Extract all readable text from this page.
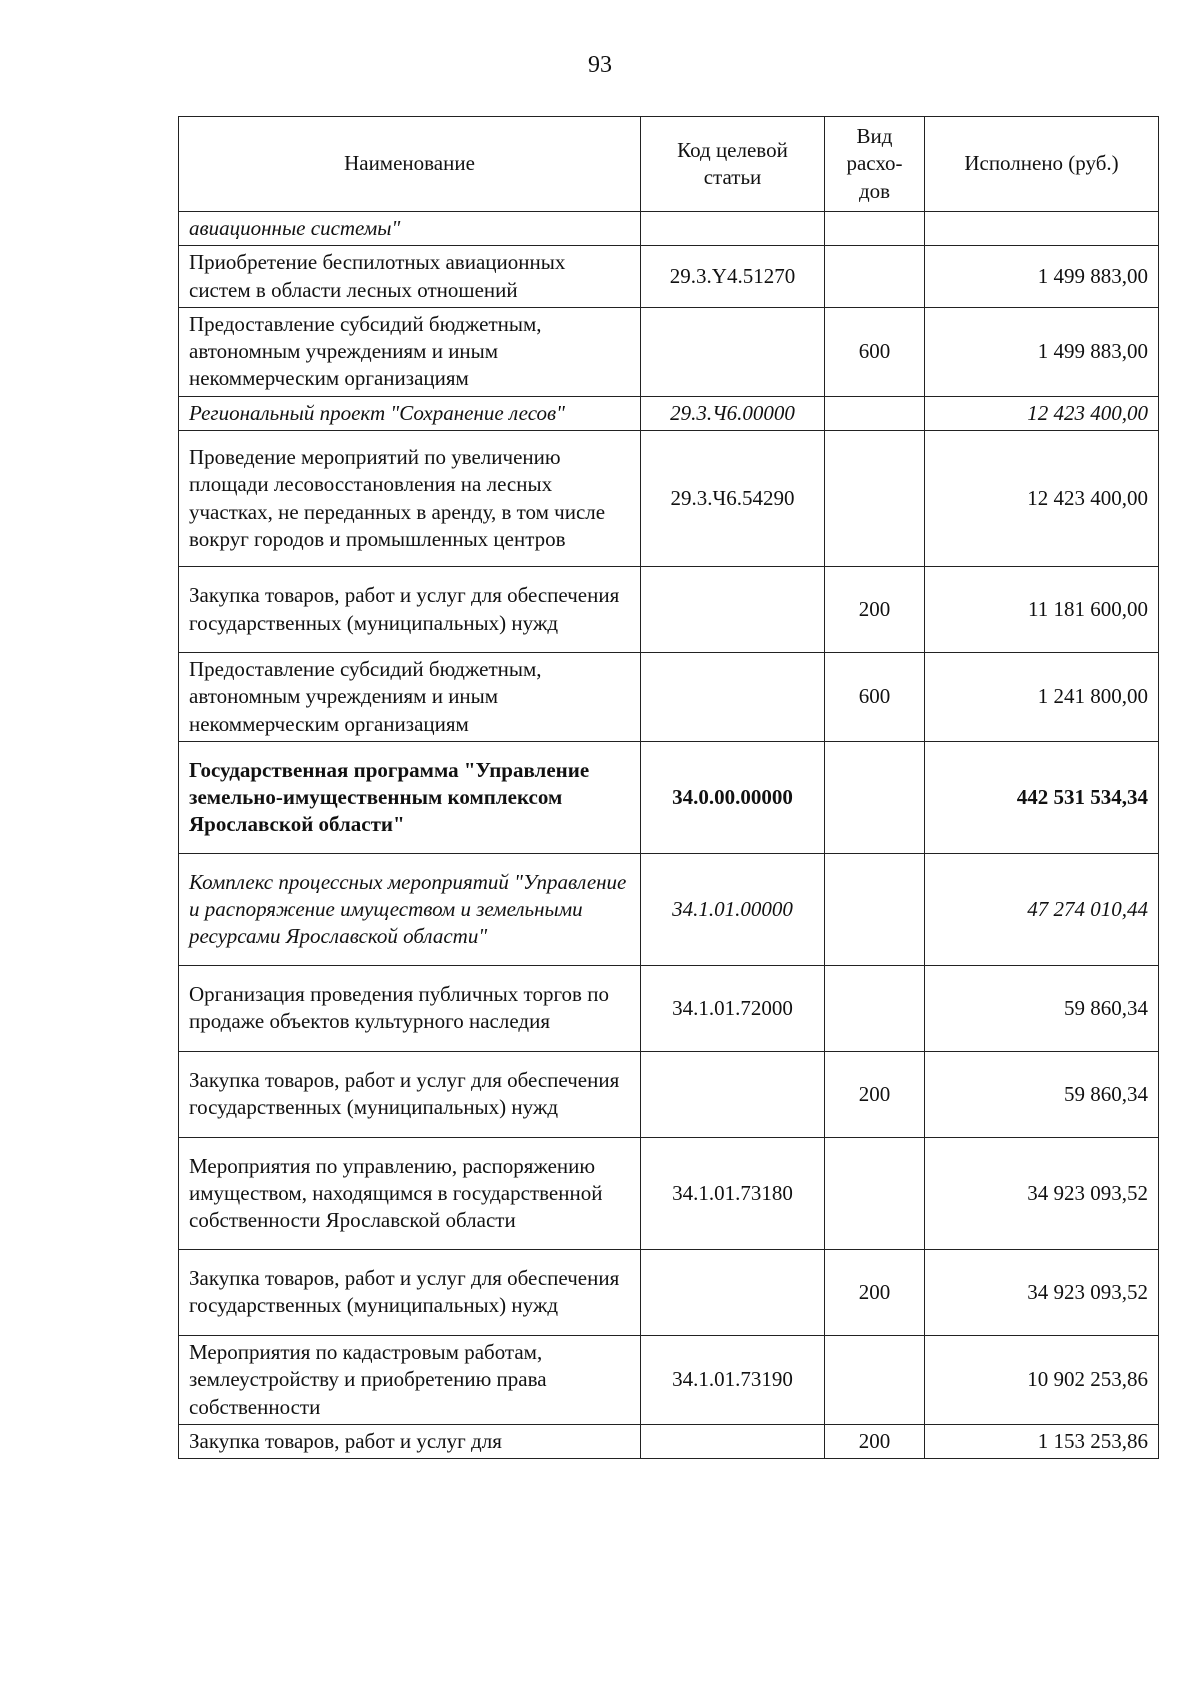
93
Наименование	Код целевой статьи	Вид расхо-дов	Исполнено (руб.)
авиационные системы"			
Приобретение беспилотных авиационных систем в области лесных отношений	29.3.Y4.51270		1 499 883,00
Предоставление субсидий бюджетным, автономным учреждениям и иным некоммерческим организациям		600	1 499 883,00
Региональный проект "Сохранение лесов"	29.3.Ч6.00000		12 423 400,00
Проведение мероприятий по увеличению площади лесовосстановления на лесных участках, не переданных в аренду, в том числе вокруг городов и промышленных центров	29.3.Ч6.54290		12 423 400,00
Закупка товаров, работ и услуг для обеспечения государственных (муниципальных) нужд		200	11 181 600,00
Предоставление субсидий бюджетным, автономным учреждениям и иным некоммерческим организациям		600	1 241 800,00
Государственная программа "Управление земельно-имущественным комплексом Ярославской области"	34.0.00.00000		442 531 534,34
Комплекс процессных мероприятий "Управление и распоряжение имуществом и земельными ресурсами Ярославской области"	34.1.01.00000		47 274 010,44
Организация проведения публичных торгов по продаже объектов культурного наследия	34.1.01.72000		59 860,34
Закупка товаров, работ и услуг для обеспечения государственных (муниципальных) нужд		200	59 860,34
Мероприятия по управлению, распоряжению имуществом, находящимся в государственной собственности Ярославской области	34.1.01.73180		34 923 093,52
Закупка товаров, работ и услуг для обеспечения государственных (муниципальных) нужд		200	34 923 093,52
Мероприятия по кадастровым работам, землеустройству и приобретению права собственности	34.1.01.73190		10 902 253,86
Закупка товаров, работ и услуг для		200	1 153 253,86
